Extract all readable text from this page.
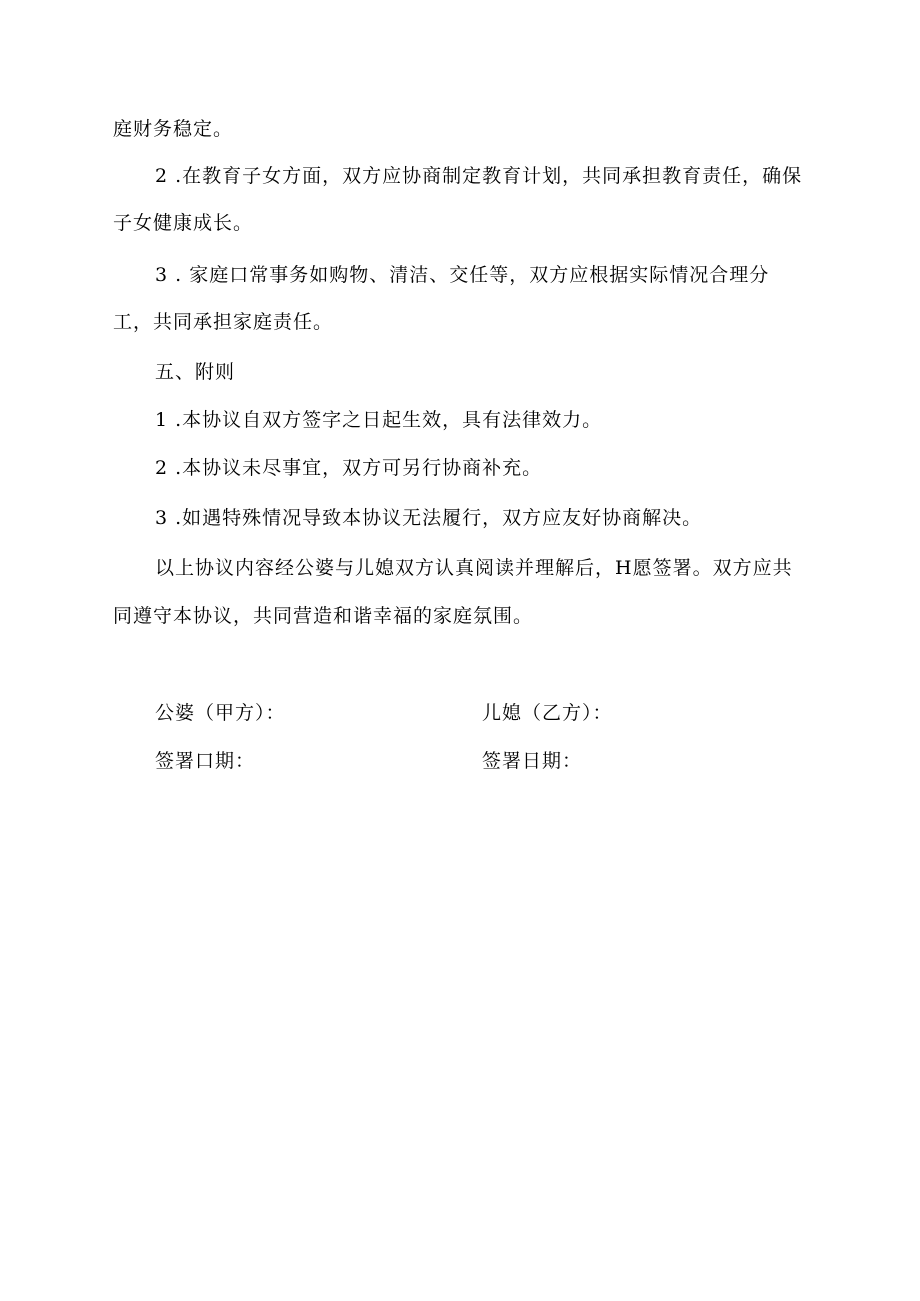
庭财务稳定。
2 .在教育子女方面，双方应协商制定教育计划，共同承担教育责任，确保
子女健康成长。
3 . 家庭口常事务如购物、清洁、交任等，双方应根据实际情况合理分
工，共同承担家庭责任。
五、附则
1 .本协议自双方签字之日起生效，具有法律效力。
2 .本协议未尽事宜，双方可另行协商补充。
3 .如遇特殊情况导致本协议无法履行，双方应友好协商解决。
以上协议内容经公婆与儿媳双方认真阅读并理解后，H愿签署。双方应共
同遵守本协议，共同营造和谐幸福的家庭氛围。
公婆（甲方）：	儿媳（乙方）：
签署口期：	签署日期：
